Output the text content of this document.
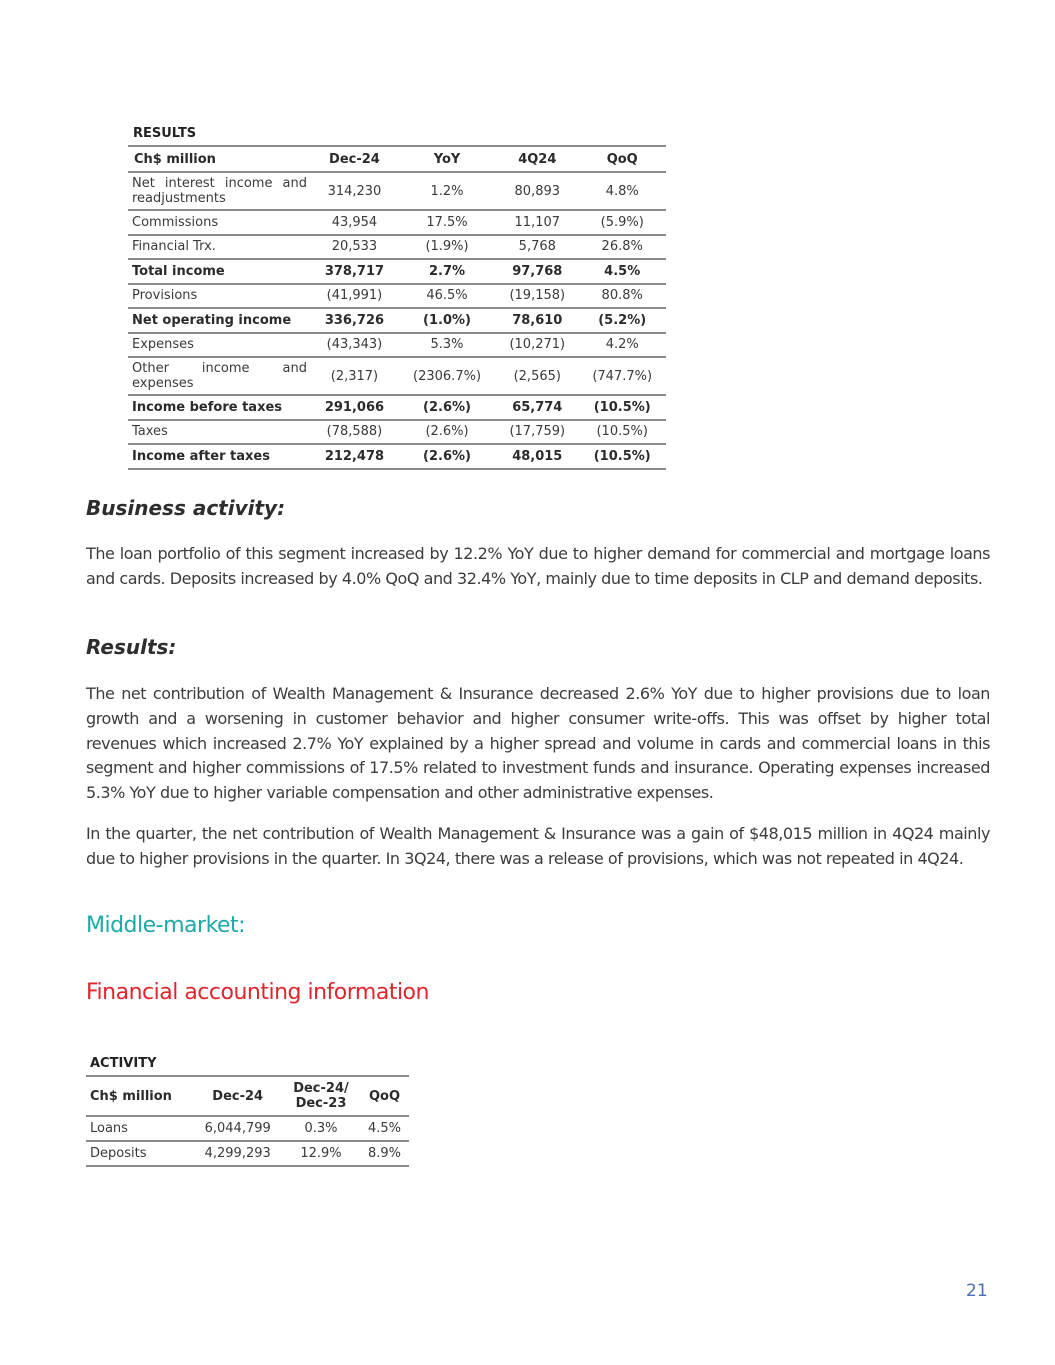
RESULTS
Ch$ million	Dec-24	YoY	4Q24	QoQ
Net interest income and readjustments	314,230	1.2%	80,893	4.8%
Commissions	43,954	17.5%	11,107	(5.9%)
Financial Trx.	20,533	(1.9%)	5,768	26.8%
Total income	378,717	2.7%	97,768	4.5%
Provisions	(41,991)	46.5%	(19,158)	80.8%
Net operating income	336,726	(1.0%)	78,610	(5.2%)
Expenses	(43,343)	5.3%	(10,271)	4.2%
Other income and expenses	(2,317)	(2306.7%)	(2,565)	(747.7%)
Income before taxes	291,066	(2.6%)	65,774	(10.5%)
Taxes	(78,588)	(2.6%)	(17,759)	(10.5%)
Income after taxes	212,478	(2.6%)	48,015	(10.5%)
Business activity:

The loan portfolio of this segment increased by 12.2% YoY due to higher demand for commercial and mortgage loans and cards. Deposits increased by 4.0% QoQ and 32.4% YoY, mainly due to time deposits in CLP and demand deposits.

Results:

The net contribution of Wealth Management & Insurance decreased 2.6% YoY due to higher provisions due to loan growth and a worsening in customer behavior and higher consumer write-offs. This was offset by higher total revenues which increased 2.7% YoY explained by a higher spread and volume in cards and commercial loans in this segment and higher commissions of 17.5% related to investment funds and insurance. Operating expenses increased 5.3% YoY due to higher variable compensation and other administrative expenses.

In the quarter, the net contribution of Wealth Management & Insurance was a gain of $48,015 million in 4Q24 mainly due to higher provisions in the quarter. In 3Q24, there was a release of provisions, which was not repeated in 4Q24.

Middle-market:
Financial accounting information
ACTIVITY
Ch$ million	Dec-24	Dec-24/ Dec-23	QoQ
Loans	6,044,799	0.3%	4.5%
Deposits	4,299,293	12.9%	8.9%
21
